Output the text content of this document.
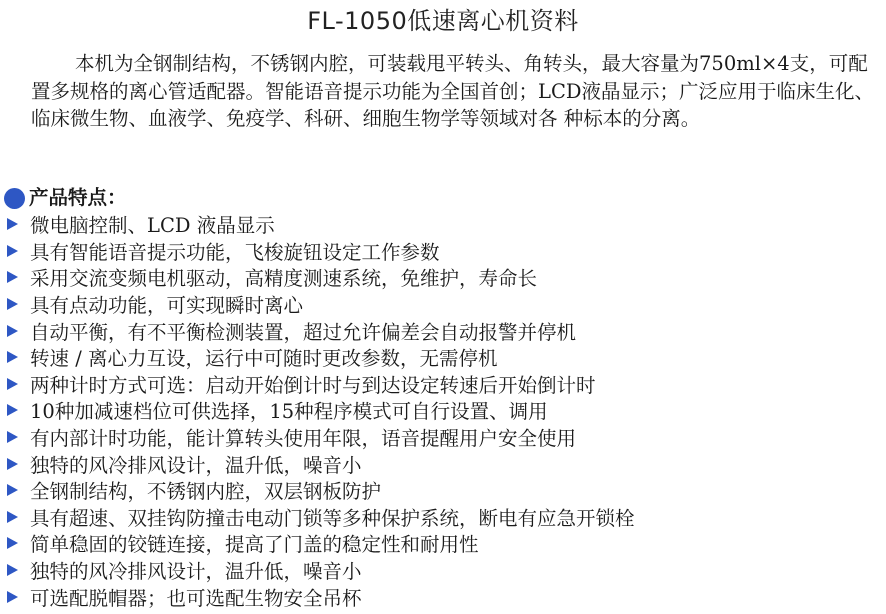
FL-1050低速离心机资料
本机为全钢制结构，不锈钢内腔，可装载甩平转头、角转头，最大容量为750ml×4支，可配置多规格的离心管适配器。智能语音提示功能为全国首创；LCD液晶显示；广泛应用于临床生化、临床微生物、血液学、免疫学、科研、细胞生物学等领域对各 种标本的分离。
产品特点：
微电脑控制、LCD 液晶显示
具有智能语音提示功能，飞梭旋钮设定工作参数
采用交流变频电机驱动，高精度测速系统，免维护，寿命长
具有点动功能，可实现瞬时离心
自动平衡，有不平衡检测装置，超过允许偏差会自动报警并停机
转速 / 离心力互设，运行中可随时更改参数，无需停机
两种计时方式可选：启动开始倒计时与到达设定转速后开始倒计时
10种加减速档位可供选择，15种程序模式可自行设置、调用
有内部计时功能，能计算转头使用年限，语音提醒用户安全使用
独特的风冷排风设计，温升低，噪音小
全钢制结构，不锈钢内腔，双层钢板防护
具有超速、双挂钩防撞击电动门锁等多种保护系统，断电有应急开锁栓
简单稳固的铰链连接，提高了门盖的稳定性和耐用性
独特的风冷排风设计，温升低，噪音小
可选配脱帽器；也可选配生物安全吊杯
